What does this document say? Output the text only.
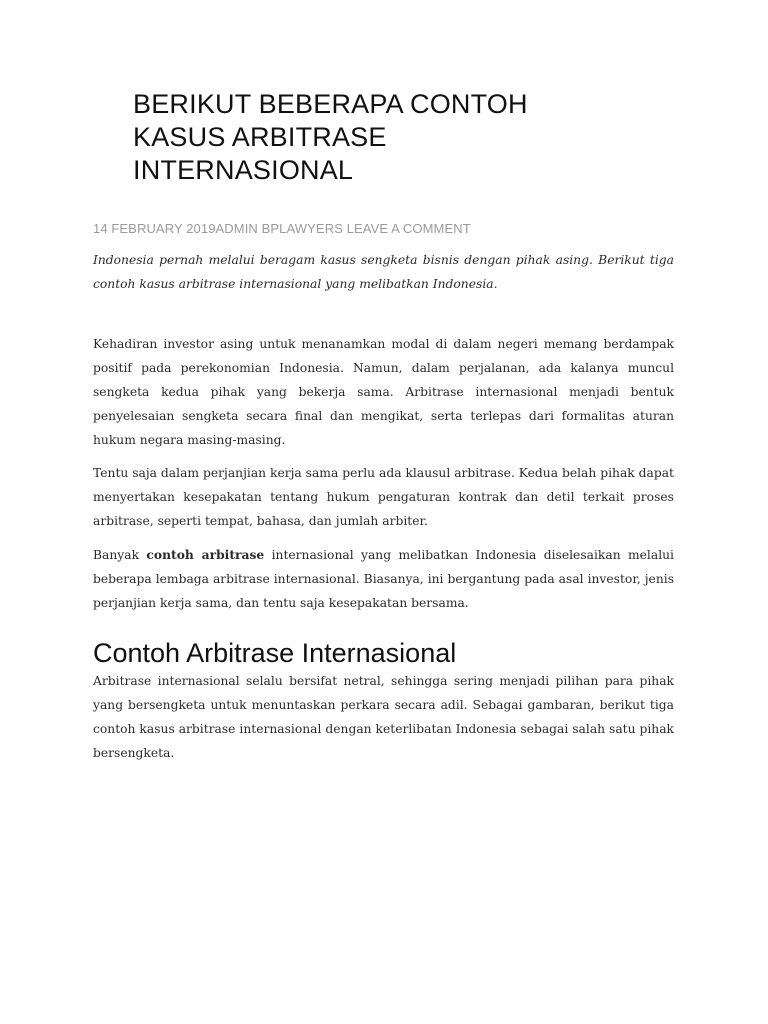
BERIKUT BEBERAPA CONTOH
KASUS ARBITRASE
INTERNASIONAL
14 FEBRUARY 2019ADMIN BPLAWYERS LEAVE A COMMENT

Indonesia pernah melalui beragam kasus sengketa bisnis dengan pihak asing. Berikut tiga contoh kasus arbitrase internasional yang melibatkan Indonesia.

Kehadiran investor asing untuk menanamkan modal di dalam negeri memang berdampak positif pada perekonomian Indonesia. Namun, dalam perjalanan, ada kalanya muncul sengketa kedua pihak yang bekerja sama. Arbitrase internasional menjadi bentuk penyelesaian sengketa secara final dan mengikat, serta terlepas dari formalitas aturan hukum negara masing-masing.

Tentu saja dalam perjanjian kerja sama perlu ada klausul arbitrase. Kedua belah pihak dapat menyertakan kesepakatan tentang hukum pengaturan kontrak dan detil terkait proses arbitrase, seperti tempat, bahasa, dan jumlah arbiter.

Banyak contoh arbitrase internasional yang melibatkan Indonesia diselesaikan melalui beberapa lembaga arbitrase internasional. Biasanya, ini bergantung pada asal investor, jenis perjanjian kerja sama, dan tentu saja kesepakatan bersama.

Contoh Arbitrase Internasional

Arbitrase internasional selalu bersifat netral, sehingga sering menjadi pilihan para pihak yang bersengketa untuk menuntaskan perkara secara adil. Sebagai gambaran, berikut tiga contoh kasus arbitrase internasional dengan keterlibatan Indonesia sebagai salah satu pihak bersengketa.
